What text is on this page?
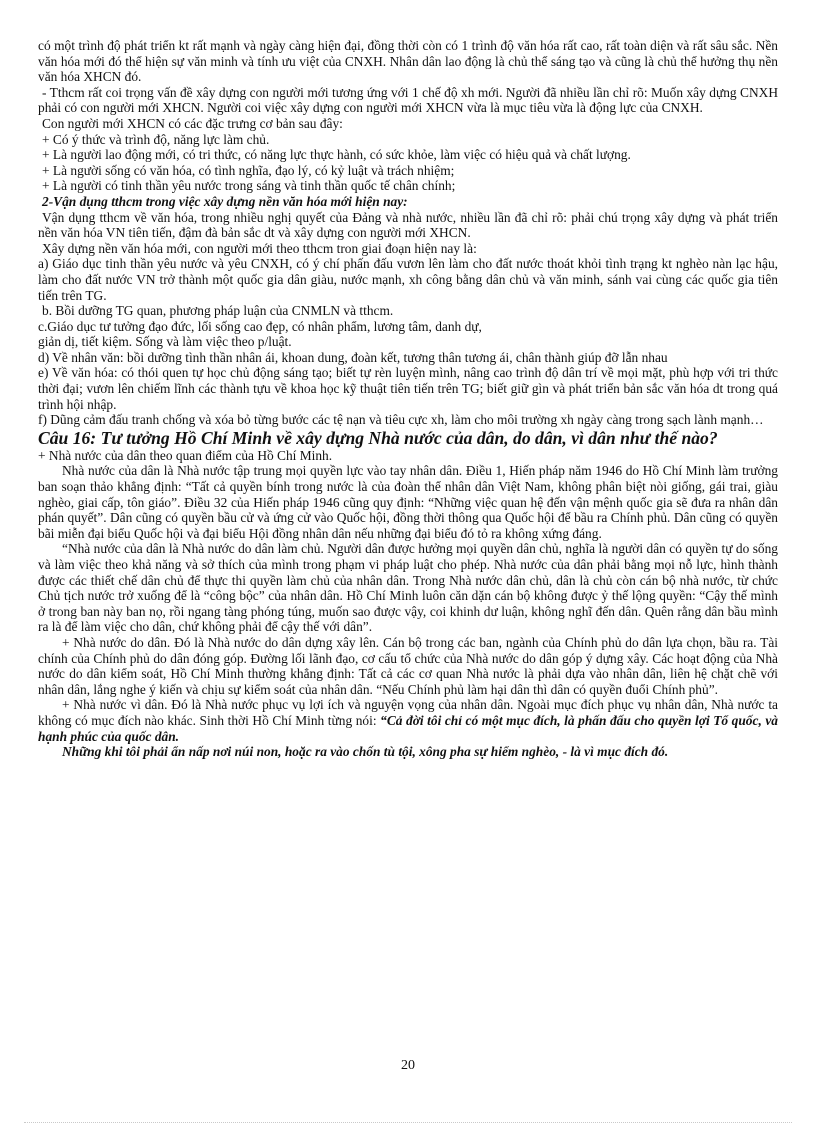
có một trình độ phát triển kt rất mạnh và ngày càng hiện đại, đồng thời còn có 1 trình độ văn hóa rất cao, rất toàn diện và rất sâu sắc. Nền văn hóa mới đó thể hiện sự văn minh và tính ưu việt của CNXH. Nhân dân lao động là chủ thể sáng tạo và cũng là chủ thể hưởng thụ nền văn hóa XHCN đó.

- Tthcm rất coi trọng vấn đề xây dựng con người mới tương ứng với 1 chế độ xh mới. Người đã nhiều lần chỉ rõ: Muốn xây dựng CNXH phải có con người mới XHCN. Người coi việc xây dựng con người mới XHCN vừa là mục tiêu vừa là động lực của CNXH.

Con người mới XHCN có các đặc trưng cơ bản sau đây:

+ Có ý thức và trình độ, năng lực làm chủ.

+ Là người lao động mới, có tri thức, có năng lực thực hành, có sức khỏe, làm việc có hiệu quả và chất lượng.

+ Là người sống có văn hóa, có tình nghĩa, đạo lý, có kỷ luật và trách nhiệm;

+ Là người có tinh thần yêu nước trong sáng và tinh thần quốc tế chân chính;

2-Vận dụng tthcm trong việc xây dựng nền văn hóa mới hiện nay:

Vận dụng tthcm về văn hóa, trong nhiều nghị quyết của Đảng và nhà nước, nhiều lần đã chỉ rõ: phải chú trọng xây dựng và phát triển nền văn hóa VN tiên tiến, đậm đà bản sắc dt và xây dựng con người mới XHCN.

Xây dựng nền văn hóa mới, con người mới theo tthcm tron giai đoạn hiện nay là:

a) Giáo dục tinh thần yêu nước và yêu CNXH, có ý chí phấn đấu vươn lên làm cho đất nước thoát khỏi tình trạng kt nghèo nàn lạc hậu, làm cho đất nước VN trở thành một quốc gia dân giàu, nước mạnh, xh công bằng dân chủ và văn minh, sánh vai cùng các quốc gia tiên tiến trên TG.

b. Bồi dưỡng TG quan, phương pháp luận của CNMLN và tthcm.

c.Giáo dục tư tưởng đạo đức, lối sống cao đẹp, có nhân phẩm, lương tâm, danh dự,

giản dị, tiết kiệm. Sống và làm việc theo p/luật.

d) Về nhân văn: bồi dưỡng tình thần nhân ái, khoan dung, đoàn kết, tương thân tương ái, chân thành giúp đỡ lẫn nhau

e) Về văn hóa: có thói quen tự học chủ động sáng tạo; biết tự rèn luyện mình, nâng cao trình độ dân trí về mọi mặt, phù hợp với tri thức thời đại; vươn lên chiếm lĩnh các thành tựu về khoa học kỹ thuật tiên tiến trên TG; biết giữ gìn và phát triển bản sắc văn hóa dt trong quá trình hội nhập.

f) Dũng cảm đấu tranh chống và xóa bỏ từng bước các tệ nạn và tiêu cực xh, làm cho môi trường xh ngày càng trong sạch lành mạnh…

Câu 16: Tư tưởng Hồ Chí Minh về xây dựng Nhà nước của dân, do dân, vì dân như thế nào?

+ Nhà nước của dân theo quan điểm của Hồ Chí Minh.

Nhà nước của dân là Nhà nước tập trung mọi quyền lực vào tay nhân dân. Điều 1, Hiến pháp năm 1946 do Hồ Chí Minh làm trưởng ban soạn thảo khẳng định: “Tất cả quyền bính trong nước là của đoàn thể nhân dân Việt Nam, không phân biệt nòi giống, gái trai, giàu nghèo, giai cấp, tôn giáo”. Điều 32 của Hiến pháp 1946 cũng quy định: “Những việc quan hệ đến vận mệnh quốc gia sẽ đưa ra nhân dân phán quyết”. Dân cũng có quyền bầu cử và ứng cử vào Quốc hội, đồng thời thông qua Quốc hội để bầu ra Chính phủ. Dân cũng có quyền bãi miễn đại biểu Quốc hội và đại biểu Hội đồng nhân dân nếu những đại biểu đó tỏ ra không xứng đáng.

“Nhà nước của dân là Nhà nước do dân làm chủ. Người dân được hưởng mọi quyền dân chủ, nghĩa là người dân có quyền tự do sống và làm việc theo khả năng và sở thích của mình trong phạm vi pháp luật cho phép. Nhà nước của dân phải bằng mọi nỗ lực, hình thành được các thiết chế dân chủ để thực thi quyền làm chủ của nhân dân. Trong Nhà nước dân chủ, dân là chủ còn cán bộ nhà nước, từ chức Chủ tịch nước trở xuống để là “công bộc” của nhân dân. Hồ Chí Minh luôn căn dặn cán bộ không được ỷ thế lộng quyền: “Cậy thế mình ở trong ban này ban nọ, rồi ngang tàng phóng túng, muốn sao được vậy, coi khinh dư luận, không nghĩ đến dân. Quên rằng dân bầu mình ra là để làm việc cho dân, chứ không phải để cậy thế với dân”.

+ Nhà nước do dân. Đó là Nhà nước do dân dựng xây lên. Cán bộ trong các ban, ngành của Chính phủ do dân lựa chọn, bầu ra. Tài chính của Chính phủ do dân đóng góp. Đường lối lãnh đạo, cơ cấu tổ chức của Nhà nước do dân góp ý dựng xây. Các hoạt động của Nhà nước do dân kiểm soát, Hồ Chí Minh thường khẳng định: Tất cả các cơ quan Nhà nước là phải dựa vào nhân dân, liên hệ chặt chẽ với nhân dân, lắng nghe ý kiến và chịu sự kiểm soát của nhân dân. “Nếu Chính phủ làm hại dân thì dân có quyền đuổi Chính phủ”.

+ Nhà nước vì dân. Đó là Nhà nước phục vụ lợi ích và nguyện vọng của nhân dân. Ngoài mục đích phục vụ nhân dân, Nhà nước ta không có mục đích nào khác. Sinh thời Hồ Chí Minh từng nói: “Cả đời tôi chỉ có một mục đích, là phấn đấu cho quyền lợi Tổ quốc, và hạnh phúc của quốc dân.

Những khi tôi phải ẩn nấp nơi núi non, hoặc ra vào chốn tù tội, xông pha sự hiểm nghèo, - là vì mục đích đó.

20
